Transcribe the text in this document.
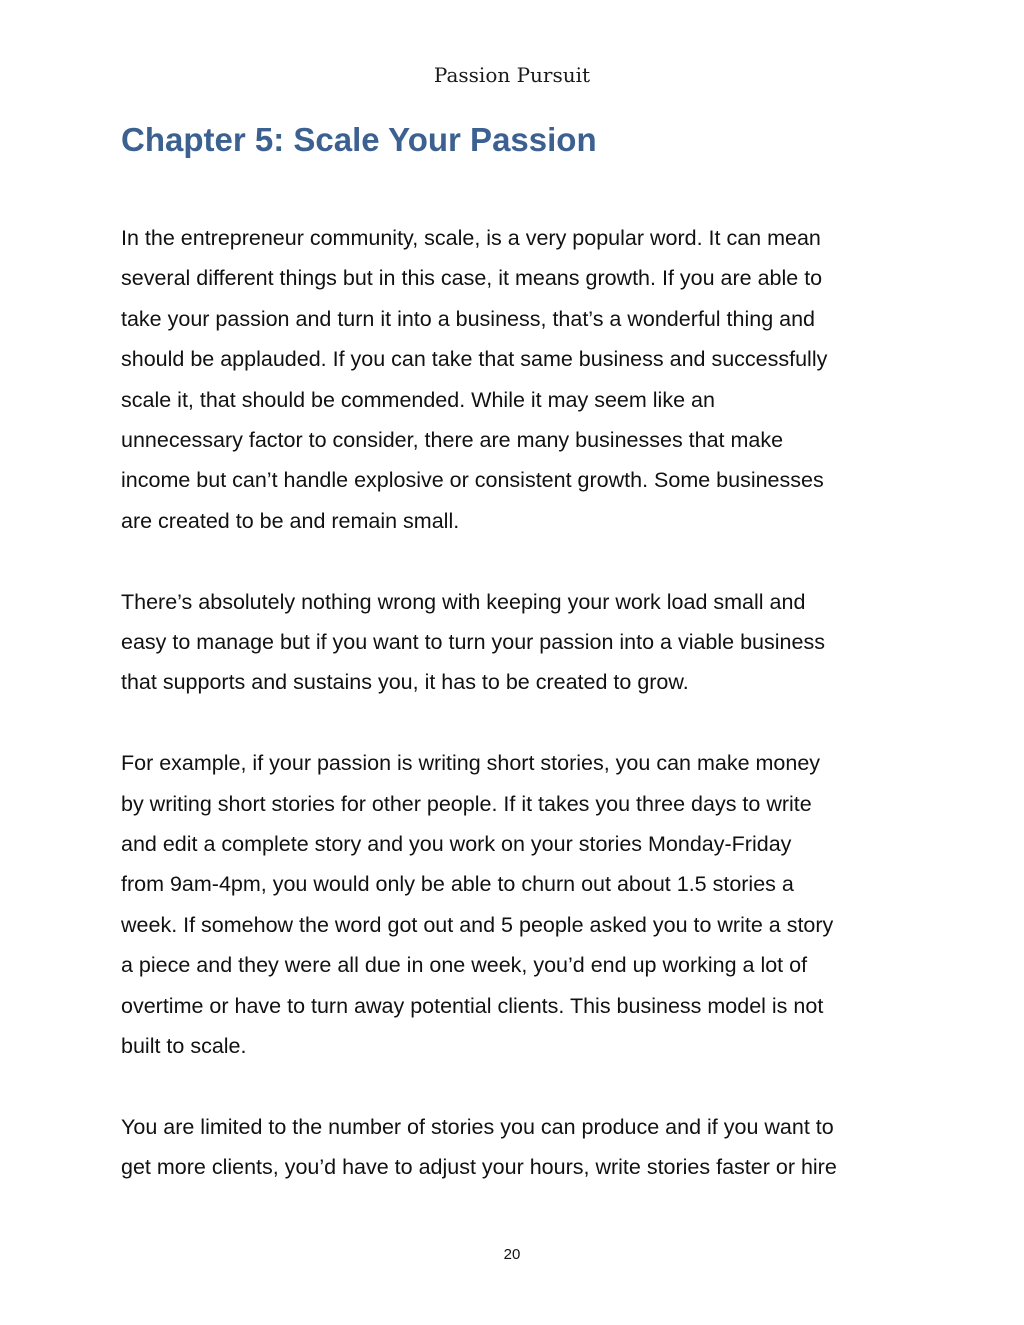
Passion Pursuit
Chapter 5: Scale Your Passion

In the entrepreneur community, scale, is a very popular word. It can mean
several different things but in this case, it means growth. If you are able to
take your passion and turn it into a business, that’s a wonderful thing and
should be applauded. If you can take that same business and successfully
scale it, that should be commended. While it may seem like an
unnecessary factor to consider, there are many businesses that make
income but can’t handle explosive or consistent growth. Some businesses
are created to be and remain small.

There’s absolutely nothing wrong with keeping your work load small and
easy to manage but if you want to turn your passion into a viable business
that supports and sustains you, it has to be created to grow.

For example, if your passion is writing short stories, you can make money
by writing short stories for other people. If it takes you three days to write
and edit a complete story and you work on your stories Monday-Friday
from 9am-4pm, you would only be able to churn out about 1.5 stories a
week. If somehow the word got out and 5 people asked you to write a story
a piece and they were all due in one week, you’d end up working a lot of
overtime or have to turn away potential clients. This business model is not
built to scale.

You are limited to the number of stories you can produce and if you want to
get more clients, you’d have to adjust your hours, write stories faster or hire

20
